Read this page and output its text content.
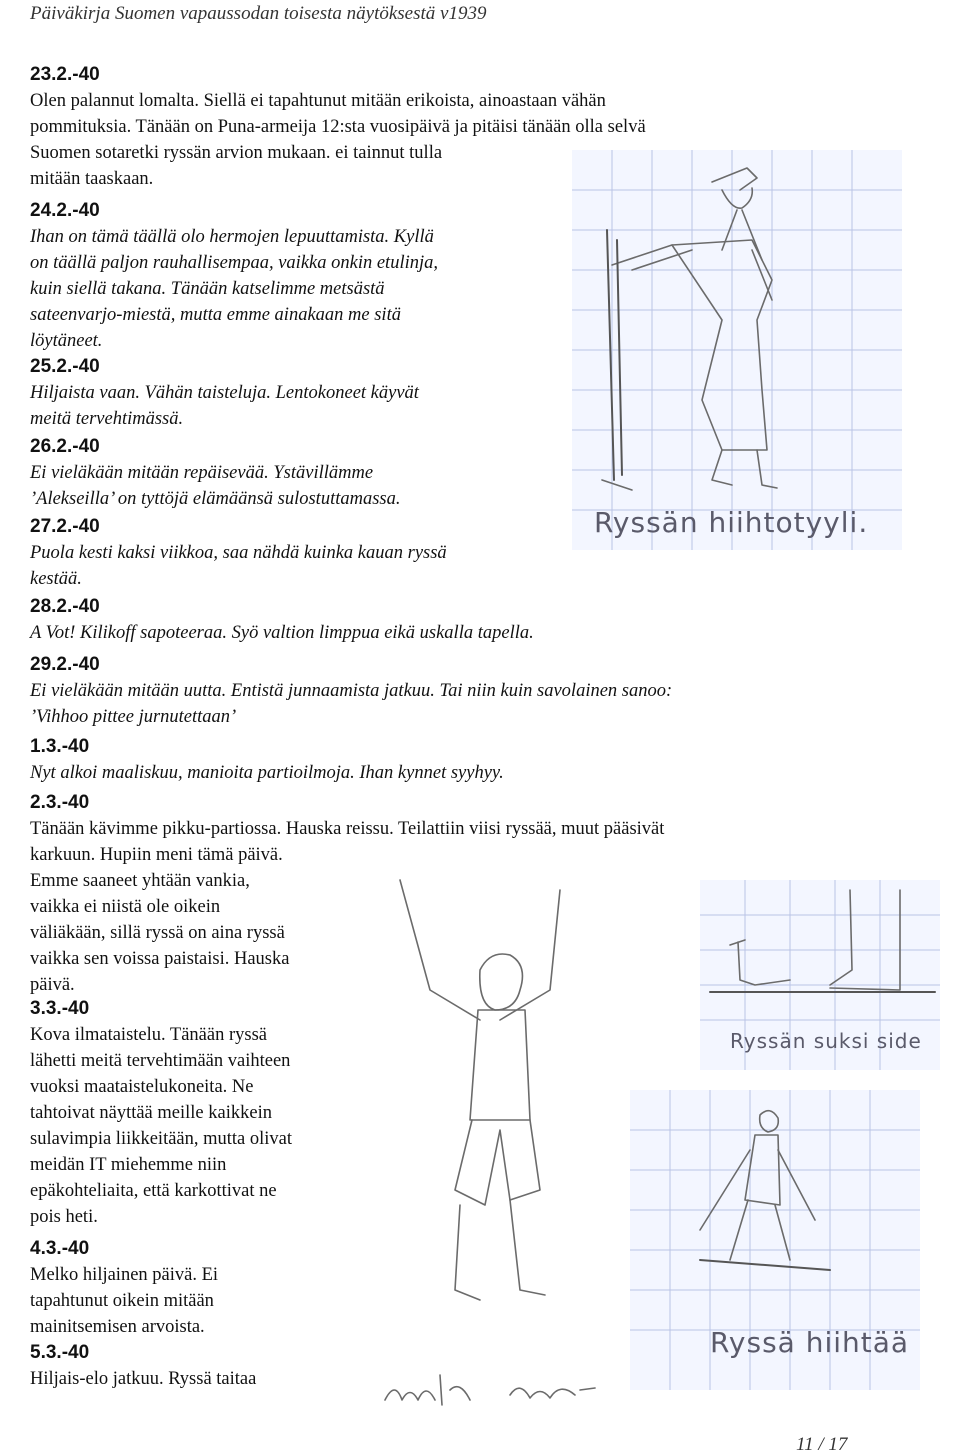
Päiväkirja Suomen vapaussodan toisesta näytöksestä v1939
Ryssän hiihtotyyli.
Ryssän suksi side
Ryssä hiihtää
23.2.-40
Olen palannut lomalta. Siellä ei tapahtunut mitään erikoista, ainoastaan vähän
pommituksia. Tänään on Puna-armeija 12:sta vuosipäivä ja pitäisi tänään olla selvä
Suomen sotaretki ryssän arvion mukaan. ei tainnut tulla
mitään taaskaan.
24.2.-40
Ihan on tämä täällä olo hermojen lepuuttamista. Kyllä
on täällä paljon rauhallisempaa, vaikka onkin etulinja,
kuin siellä takana. Tänään katselimme metsästä
sateenvarjo-miestä, mutta emme ainakaan me sitä
löytäneet.
25.2.-40
Hiljaista vaan. Vähän taisteluja. Lentokoneet käyvät
meitä tervehtimässä.
26.2.-40
Ei vieläkään mitään repäisevää. Ystävillämme
’Alekseilla’ on tyttöjä elämäänsä sulostuttamassa.
27.2.-40
Puola kesti kaksi viikkoa, saa nähdä kuinka kauan ryssä
kestää.
28.2.-40
A Vot! Kilikoff sapoteeraa. Syö valtion limppua eikä uskalla tapella.
29.2.-40
Ei vieläkään mitään uutta. Entistä junnaamista jatkuu. Tai niin kuin savolainen sanoo:
’Vihhoo pittee jurnutettaan’
1.3.-40
Nyt alkoi maaliskuu, manioita partioilmoja. Ihan kynnet syyhyy.
2.3.-40
Tänään kävimme pikku-partiossa. Hauska reissu. Teilattiin viisi ryssää, muut pääsivät
karkuun. Hupiin meni tämä päivä.
Emme saaneet yhtään vankia,
vaikka ei niistä ole oikein
väliäkään, sillä ryssä on aina ryssä
vaikka sen voissa paistaisi. Hauska
päivä.
3.3.-40
Kova ilmataistelu. Tänään ryssä
lähetti meitä tervehtimään vaihteen
vuoksi maataistelukoneita. Ne
tahtoivat näyttää meille kaikkein
sulavimpia liikkeitään, mutta olivat
meidän IT miehemme niin
epäkohteliaita, että karkottivat ne
pois heti.
4.3.-40
Melko hiljainen päivä. Ei
tapahtunut oikein mitään
mainitsemisen arvoista.
5.3.-40
Hiljais-elo jatkuu. Ryssä taitaa
11 / 17
